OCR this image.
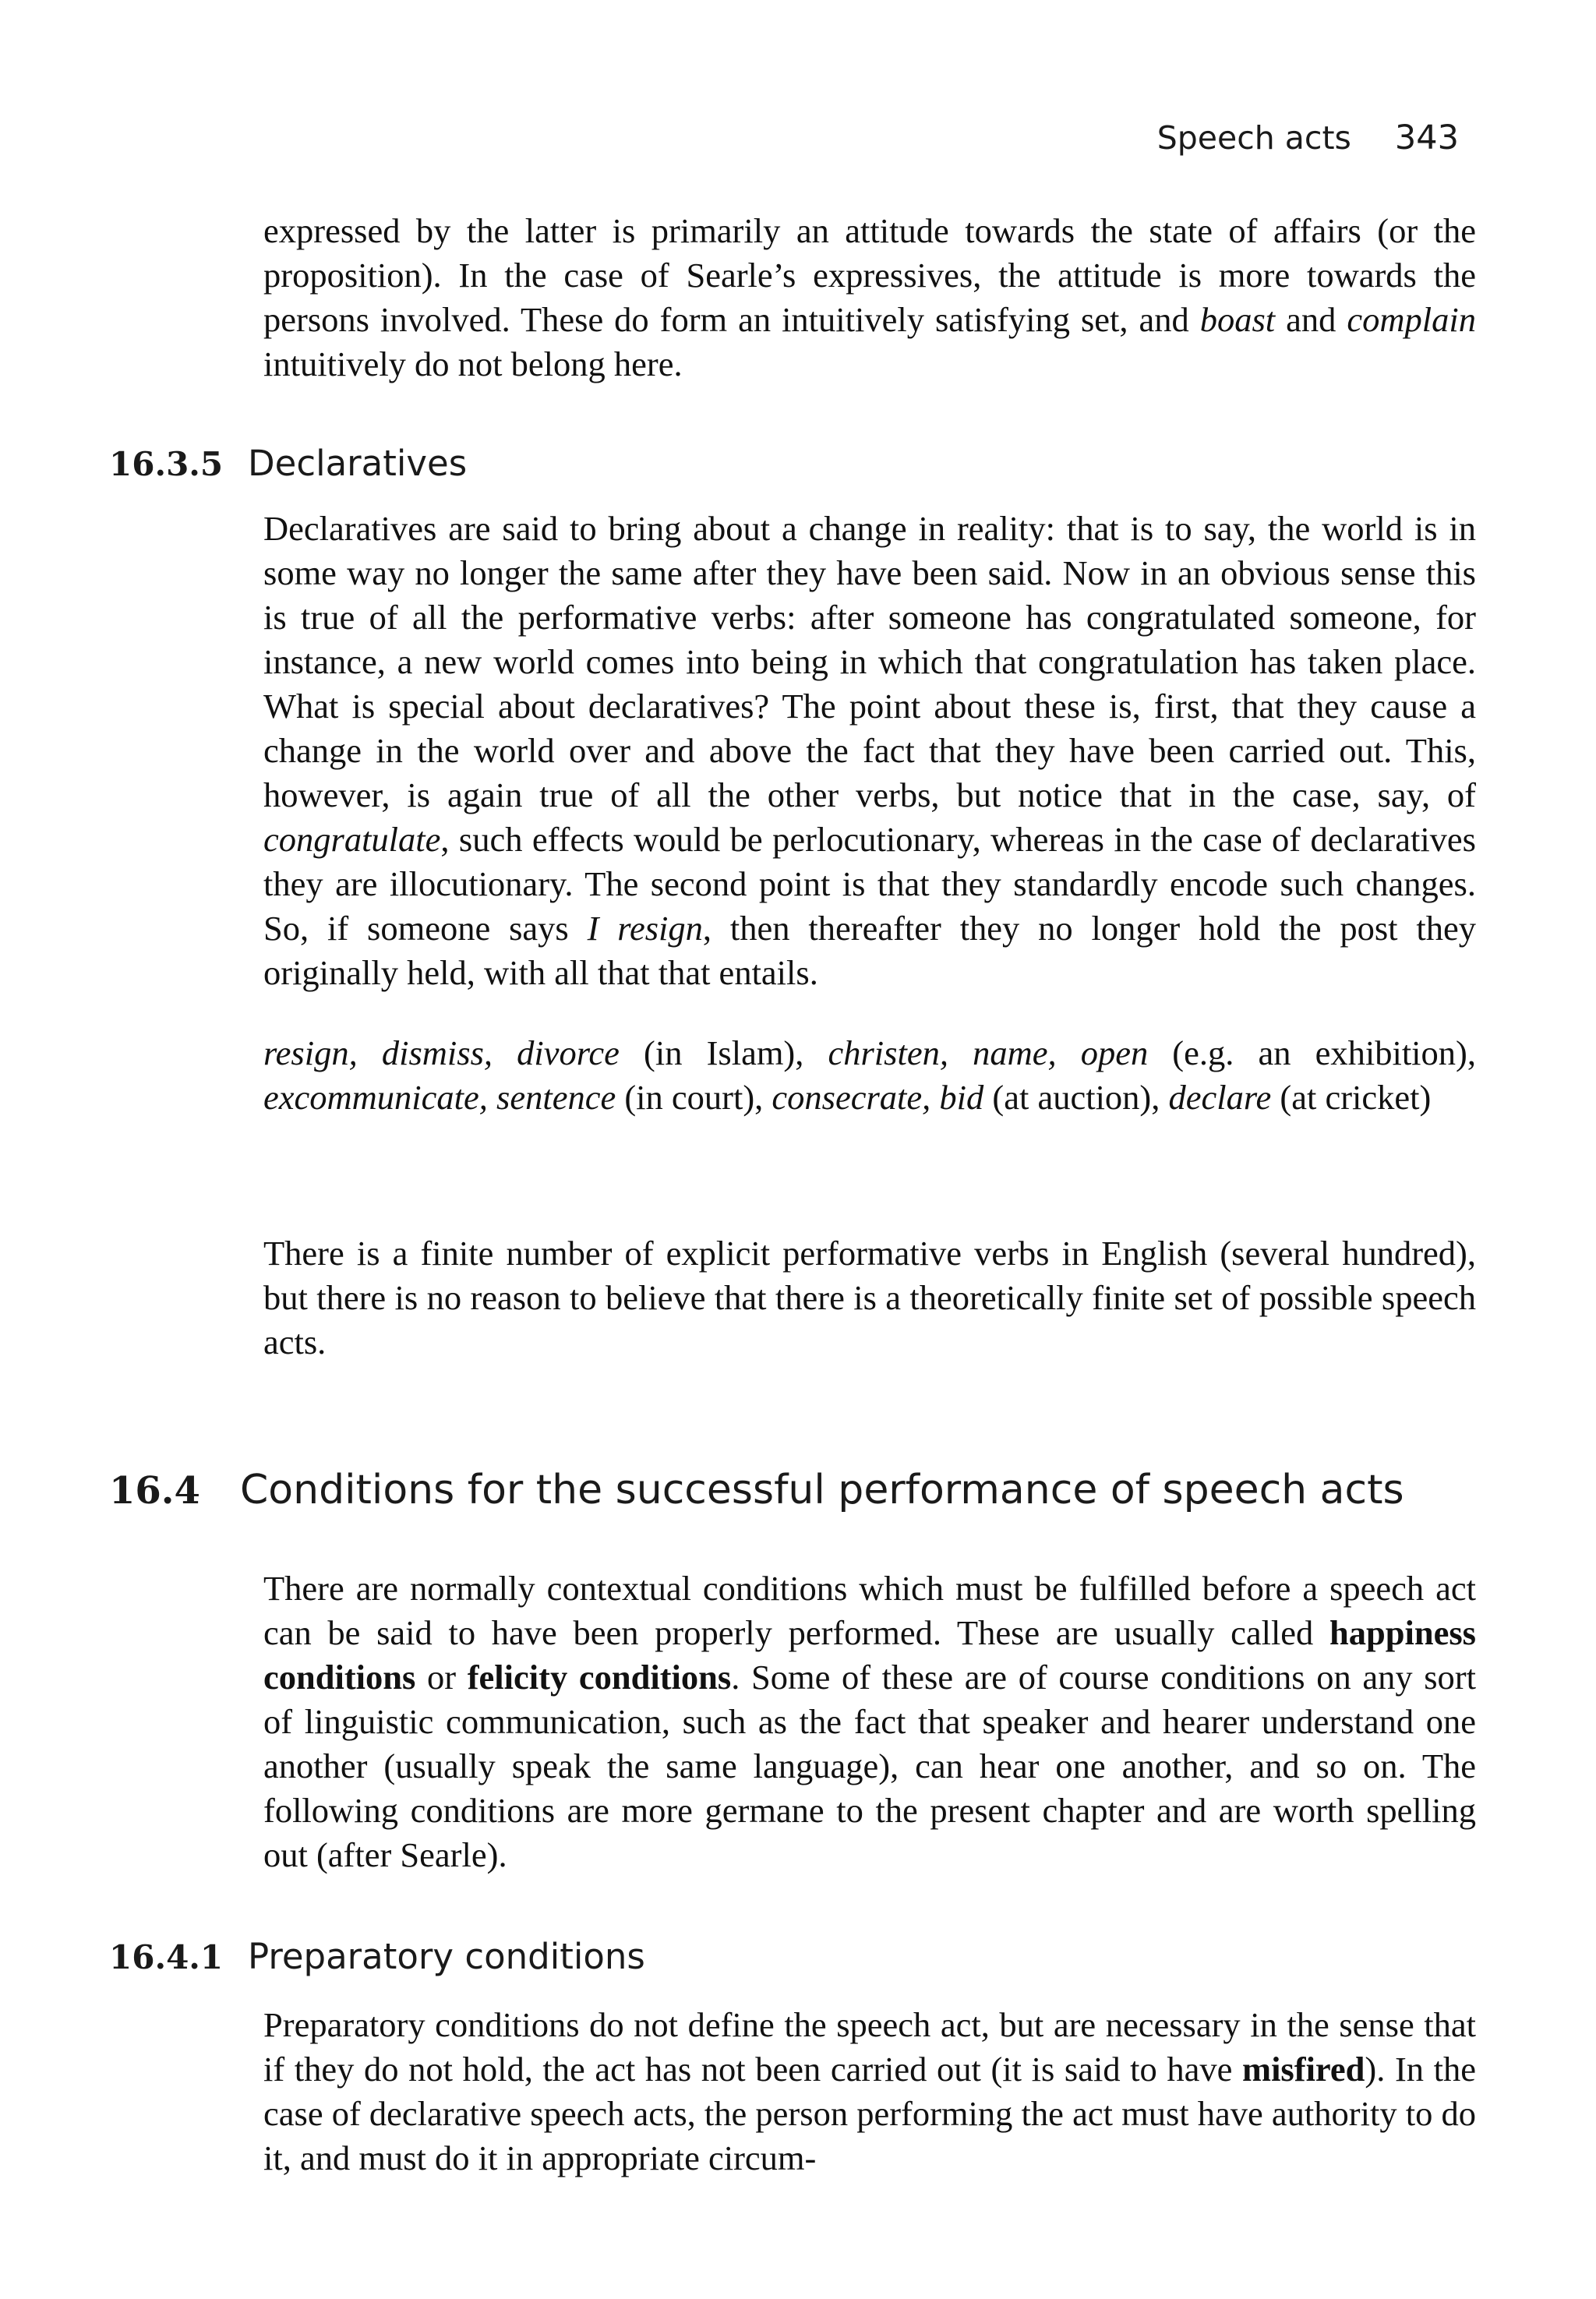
Speech acts 343

expressed by the latter is primarily an attitude towards the state of affairs (or the proposition). In the case of Searle’s expressives, the attitude is more towards the persons involved. These do form an intuitively satisfying set, and boast and complain intuitively do not belong here.

16.3.5 Declaratives

Declaratives are said to bring about a change in reality: that is to say, the world is in some way no longer the same after they have been said. Now in an obvious sense this is true of all the performative verbs: after someone has congratulated someone, for instance, a new world comes into being in which that congratulation has taken place. What is special about declaratives? The point about these is, first, that they cause a change in the world over and above the fact that they have been carried out. This, however, is again true of all the other verbs, but notice that in the case, say, of congratulate, such effects would be perlocutionary, whereas in the case of declaratives they are illocutionary. The second point is that they standardly encode such changes. So, if someone says I resign, then thereafter they no longer hold the post they originally held, with all that that entails.

resign, dismiss, divorce (in Islam), christen, name, open (e.g. an exhibition), excommunicate, sentence (in court), consecrate, bid (at auction), declare (at cricket)

There is a finite number of explicit performative verbs in English (several hundred), but there is no reason to believe that there is a theoretically finite set of possible speech acts.

16.4 Conditions for the successful performance of speech acts

There are normally contextual conditions which must be fulfilled before a speech act can be said to have been properly performed. These are usually called happiness conditions or felicity conditions. Some of these are of course conditions on any sort of linguistic communication, such as the fact that speaker and hearer understand one another (usually speak the same language), can hear one another, and so on. The following conditions are more germane to the present chapter and are worth spelling out (after Searle).

16.4.1 Preparatory conditions

Preparatory conditions do not define the speech act, but are necessary in the sense that if they do not hold, the act has not been carried out (it is said to have misfired). In the case of declarative speech acts, the person performing the act must have authority to do it, and must do it in appropriate circum-
